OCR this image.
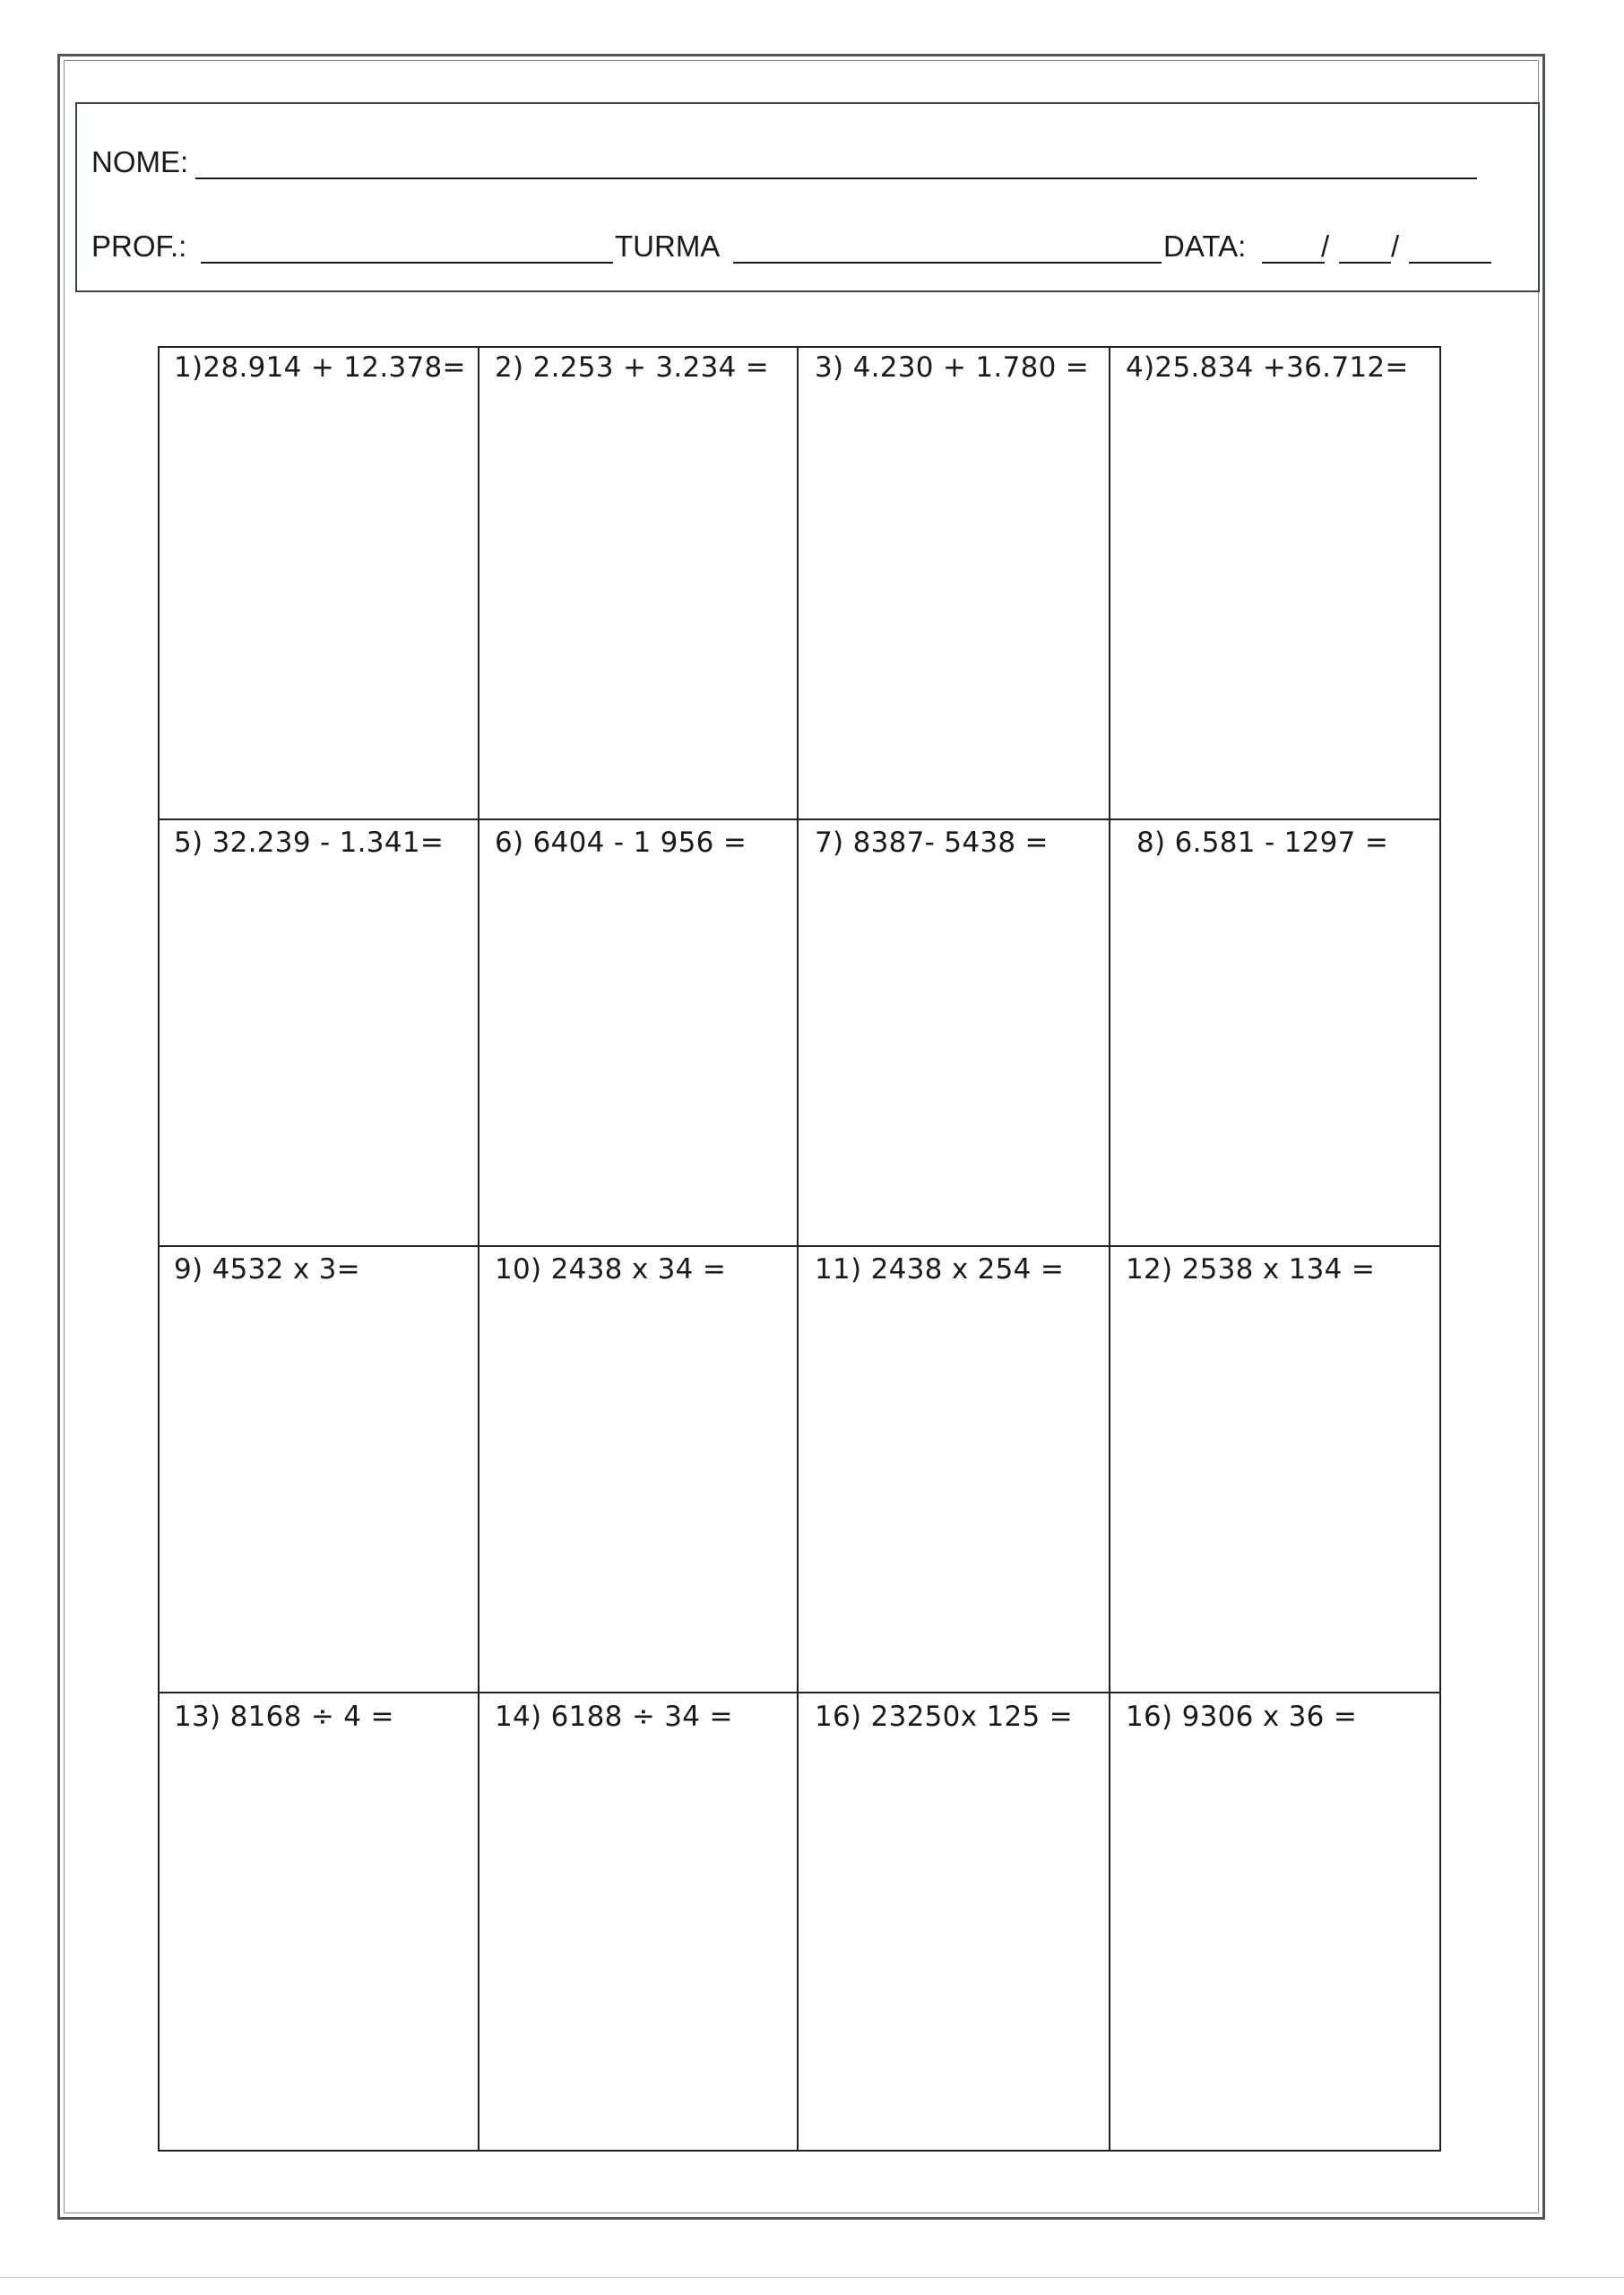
NOME:
PROF.:	TURMA	DATA:	/ /
1)28.914 + 12.378= 2) 2.253 + 3.234 = 3) 4.230 + 1.780 = 4)25.834 +36.712=
5) 32.239 - 1.341= 6) 6404 - 1 956 = 7) 8387- 5438 =	8) 6.581 - 1297 =
9) 4532 x 3=	10) 2438 x 34 =	11) 2438 x 254 = 12) 2538 x 134 =
13) 8168 ÷ 4 =	14) 6188 ÷ 34 =	16) 23250x 125 = 16) 9306 x 36 =
